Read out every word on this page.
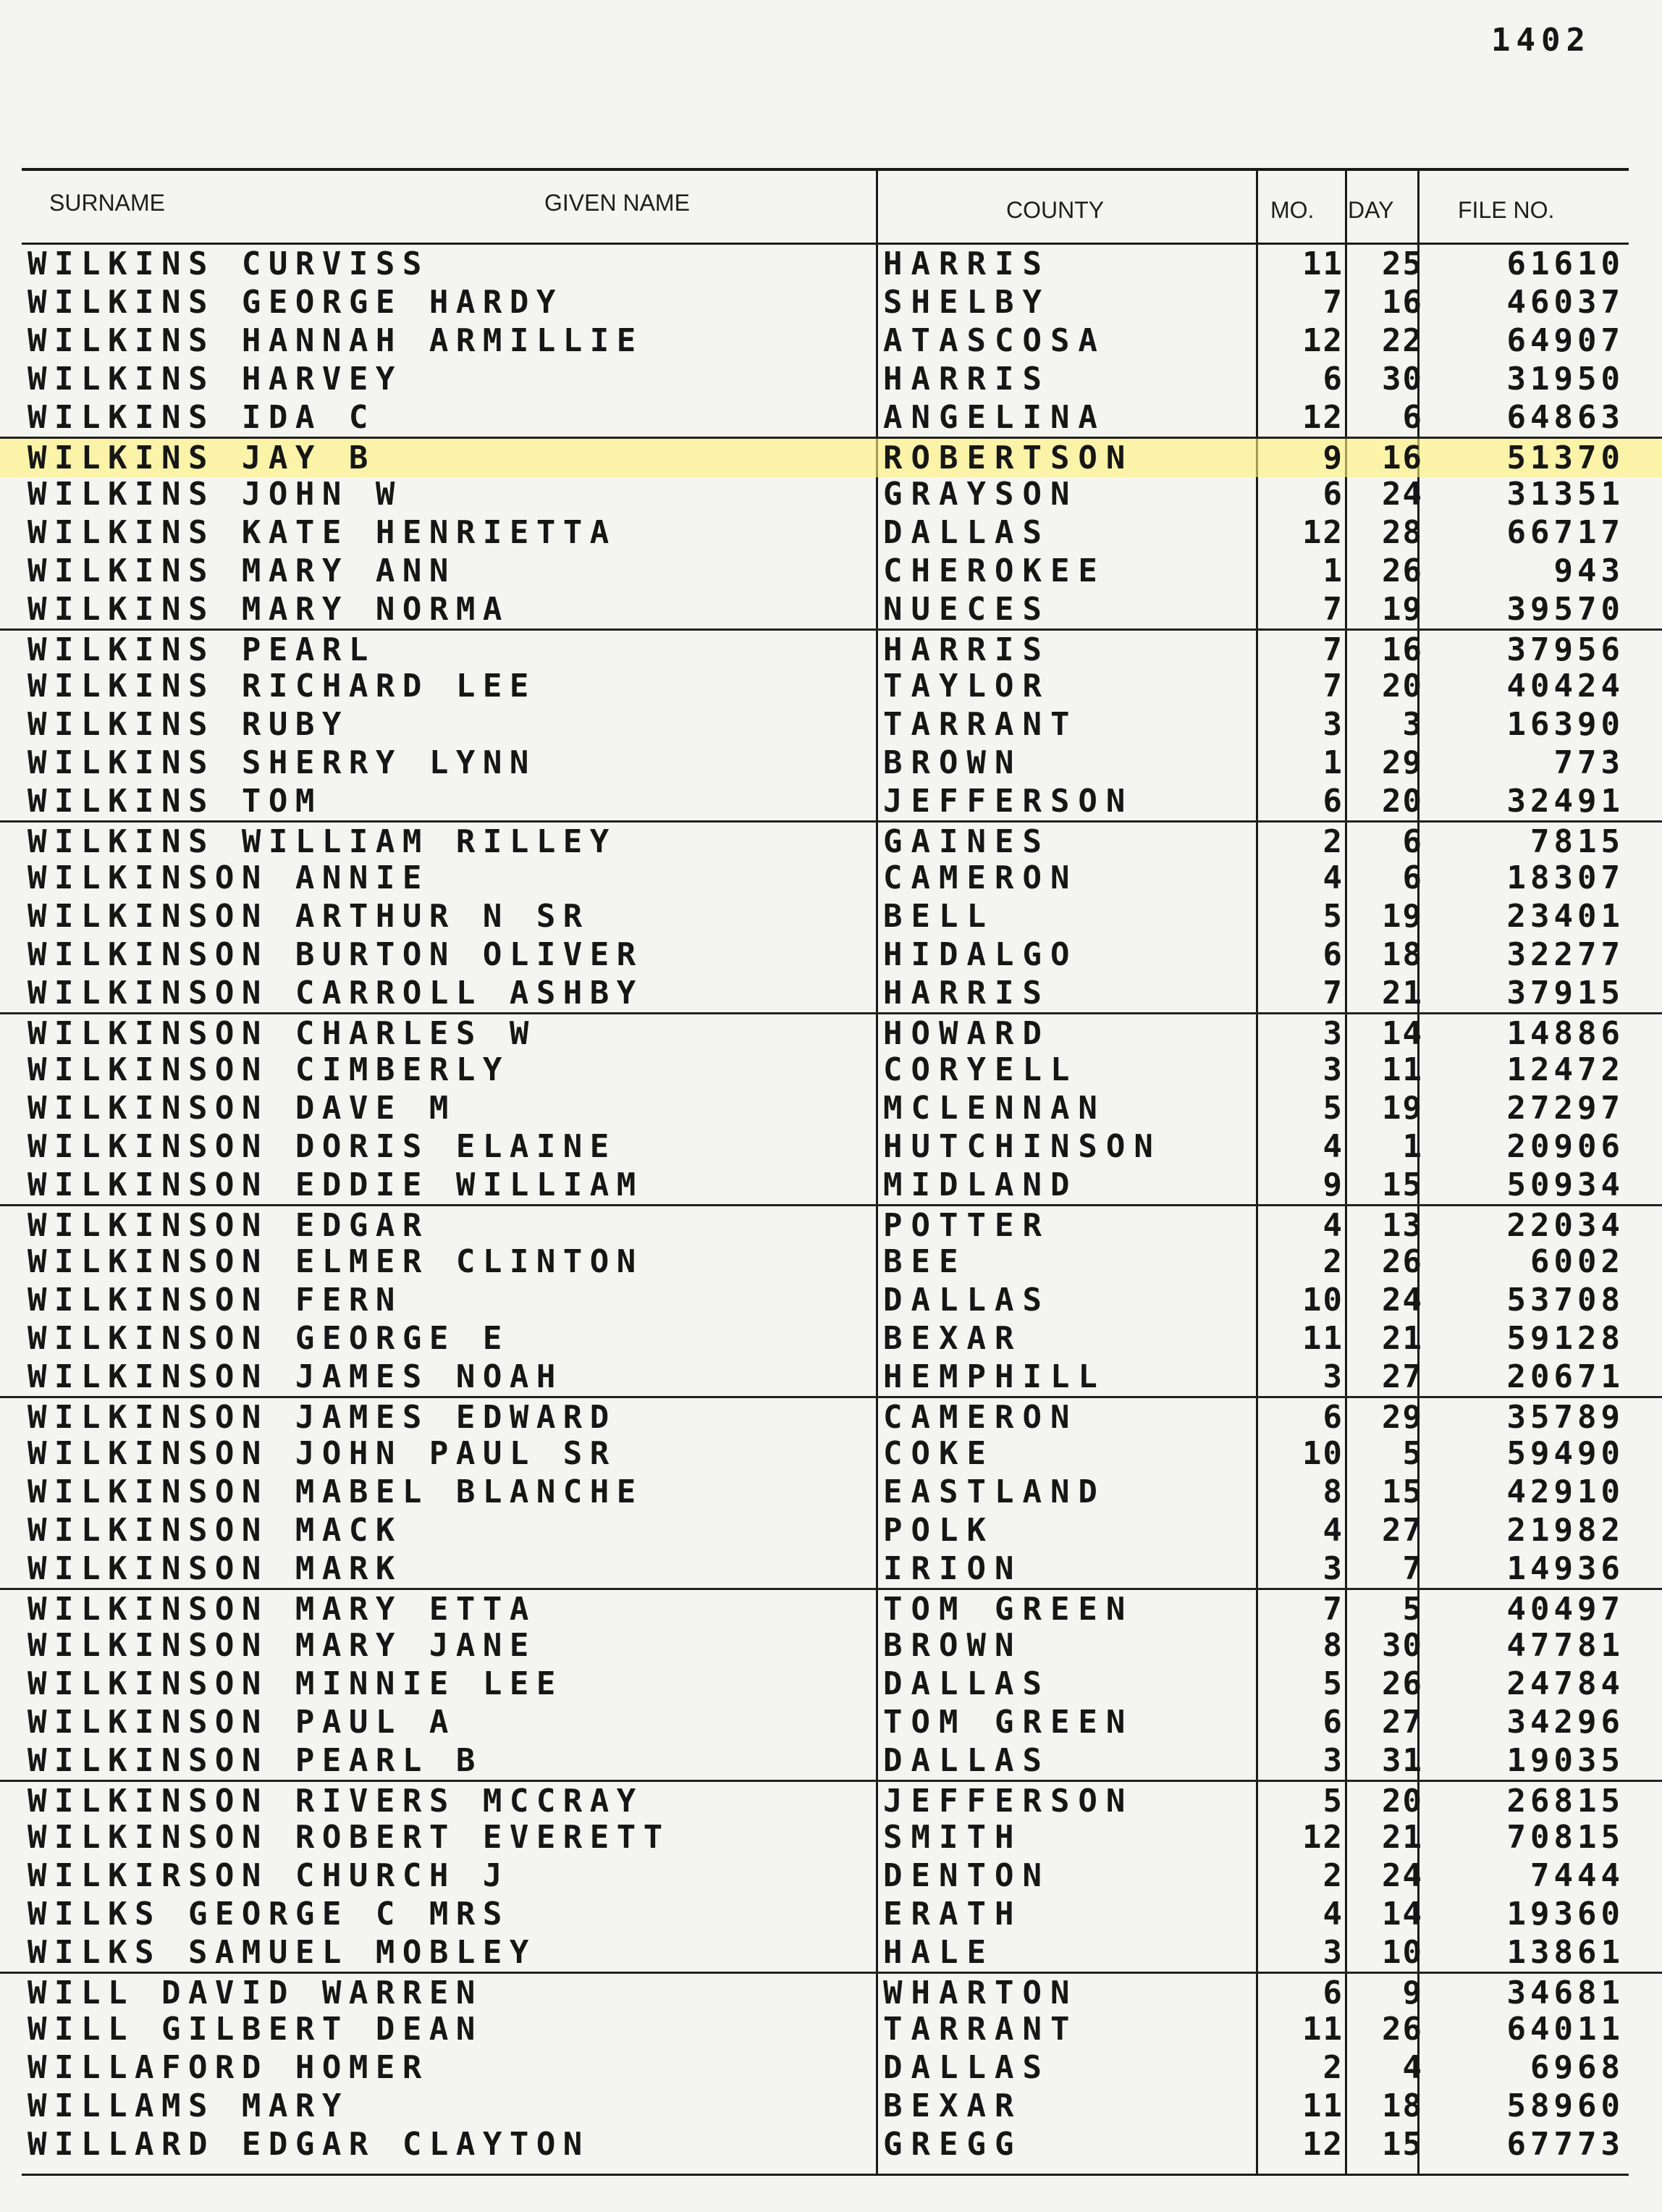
1402
SURNAME	GIVEN NAME	COUNTY	MO. DAY	FILE NO.
WILKINS CURVISS	HARRIS	11 25	61610
WILKINS GEORGE HARDY	SHELBY	7 16	46037
WILKINS HANNAH ARMILLIE	ATASCOSA	12 22	64907
WILKINS HARVEY	HARRIS	6 30	31950
WILKINS IDA C	ANGELINA	12 6	64863
WILKINS JAY B	ROBERTSON	9 16	51370
WILKINS JOHN W	GRAYSON	6 24	31351
WILKINS KATE HENRIETTA	DALLAS	12 28	66717
WILKINS MARY ANN	CHEROKEE	1 26	943
WILKINS MARY NORMA	NUECES	7 19	39570
WILKINS PEARL	HARRIS	7 16	37956
WILKINS RICHARD LEE	TAYLOR	7 20	40424
WILKINS RUBY	TARRANT	3 3	16390
WILKINS SHERRY LYNN	BROWN	1 29	773
WILKINS TOM	JEFFERSON	6 20	32491
WILKINS WILLIAM RILLEY	GAINES	2 6	7815
WILKINSON ANNIE	CAMERON	4 6	18307
WILKINSON ARTHUR N SR	BELL	5 19	23401
WILKINSON BURTON OLIVER	HIDALGO	6 18	32277
WILKINSON CARROLL ASHBY	HARRIS	7 21	37915
WILKINSON CHARLES W	HOWARD	3 14	14886
WILKINSON CIMBERLY	CORYELL	3 11	12472
WILKINSON DAVE M	MCLENNAN	5 19	27297
WILKINSON DORIS ELAINE	HUTCHINSON	4 1	20906
WILKINSON EDDIE WILLIAM	MIDLAND	9 15	50934
WILKINSON EDGAR	POTTER	4 13	22034
WILKINSON ELMER CLINTON	BEE	2 26	6002
WILKINSON FERN	DALLAS	10 24	53708
WILKINSON GEORGE E	BEXAR	11 21	59128
WILKINSON JAMES NOAH	HEMPHILL	3 27	20671
WILKINSON JAMES EDWARD	CAMERON	6 29	35789
WILKINSON JOHN PAUL SR	COKE	10 5	59490
WILKINSON MABEL BLANCHE	EASTLAND	8 15	42910
WILKINSON MACK	POLK	4 27	21982
WILKINSON MARK	IRION	3 7	14936
WILKINSON MARY ETTA	TOM GREEN	7 5	40497
WILKINSON MARY JANE	BROWN	8 30	47781
WILKINSON MINNIE LEE	DALLAS	5 26	24784
WILKINSON PAUL A	TOM GREEN	6 27	34296
WILKINSON PEARL B	DALLAS	3 31	19035
WILKINSON RIVERS MCCRAY	JEFFERSON	5 20	26815
WILKINSON ROBERT EVERETT	SMITH	12 21	70815
WILKIRSON CHURCH J	DENTON	2 24	7444
WILKS GEORGE C MRS	ERATH	4 14	19360
WILKS SAMUEL MOBLEY	HALE	3 10	13861
WILL DAVID WARREN	WHARTON	6 9	34681
WILL GILBERT DEAN	TARRANT	11 26	64011
WILLAFORD HOMER	DALLAS	2 4	6968
WILLAMS MARY	BEXAR	11 18	58960
WILLARD EDGAR CLAYTON	GREGG	12 15	67773
